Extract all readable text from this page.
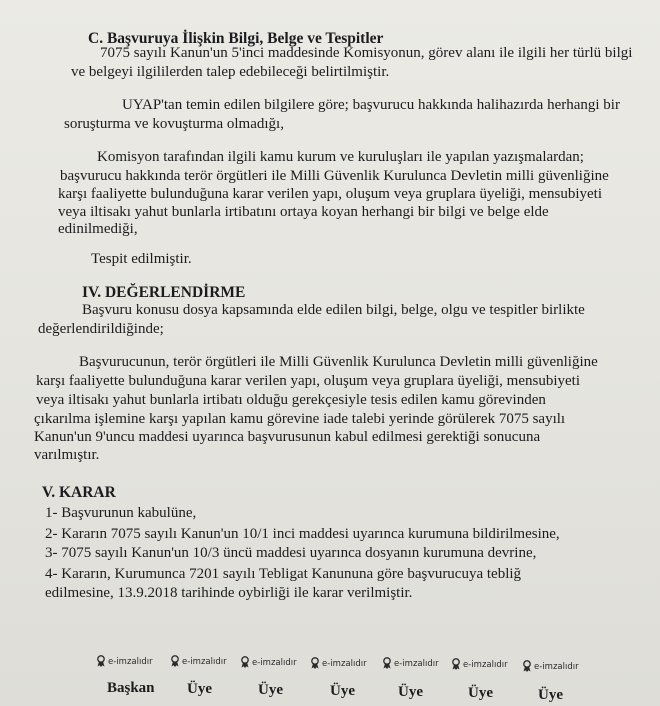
C. Başvuruya İlişkin Bilgi, Belge ve Tespitler
7075 sayılı Kanun'un 5'inci maddesinde Komisyonun, görev alanı ile ilgili her türlü bilgi
ve belgeyi ilgililerden talep edebileceği belirtilmiştir.
UYAP'tan temin edilen bilgilere göre; başvurucu hakkında halihazırda herhangi bir
soruşturma ve kovuşturma olmadığı,
Komisyon tarafından ilgili kamu kurum ve kuruluşları ile yapılan yazışmalardan;
başvurucu hakkında terör örgütleri ile Milli Güvenlik Kurulunca Devletin milli güvenliğine
karşı faaliyette bulunduğuna karar verilen yapı, oluşum veya gruplara üyeliği, mensubiyeti
veya iltisakı yahut bunlarla irtibatını ortaya koyan herhangi bir bilgi ve belge elde
edinilmediği,
Tespit edilmiştir.
IV. DEĞERLENDİRME
Başvuru konusu dosya kapsamında elde edilen bilgi, belge, olgu ve tespitler birlikte
değerlendirildiğinde;
Başvurucunun, terör örgütleri ile Milli Güvenlik Kurulunca Devletin milli güvenliğine
karşı faaliyette bulunduğuna karar verilen yapı, oluşum veya gruplara üyeliği, mensubiyeti
veya iltisakı yahut bunlarla irtibatı olduğu gerekçesiyle tesis edilen kamu görevinden
çıkarılma işlemine karşı yapılan kamu görevine iade talebi yerinde görülerek 7075 sayılı
Kanun'un 9'uncu maddesi uyarınca başvurusunun kabul edilmesi gerektiği sonucuna
varılmıştır.
V. KARAR
1- Başvurunun kabulüne,
2- Kararın 7075 sayılı Kanun'un 10/1 inci maddesi uyarınca kurumuna bildirilmesine,
3- 7075 sayılı Kanun'un 10/3 üncü maddesi uyarınca dosyanın kurumuna devrine,
4- Kararın, Kurumunca 7201 sayılı Tebligat Kanununa göre başvurucuya tebliğ
edilmesine, 13.9.2018 tarihinde oybirliği ile karar verilmiştir.
e-imzalıdır	e-imzalıdır	e-imzalıdır	e-imzalıdır	e-imzalıdır	e-imzalıdır	e-imzalıdır
Başkan Üye	Üye	Üye	Üye	Üye	Üye
